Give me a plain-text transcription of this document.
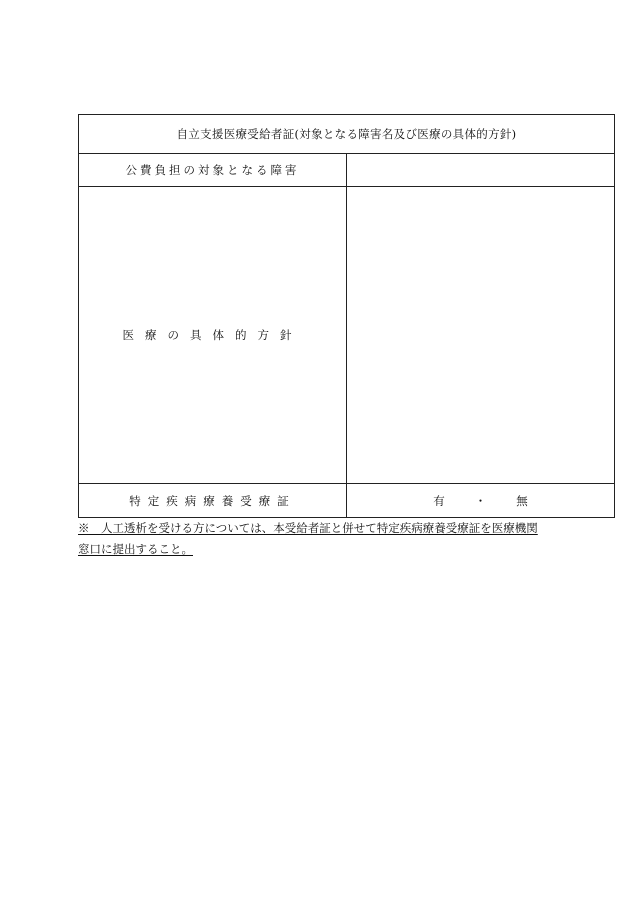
自立支援医療受給者証(対象となる障害名及び医療の具体的方針)	
公費負担の対象となる障害	
医療の具体的方針	
特定疾病療養受療証	有 ・ 無
※　人工透析を受ける方については、本受給者証と併せて特定疾病療養受療証を医療機関
窓口に提出すること。
